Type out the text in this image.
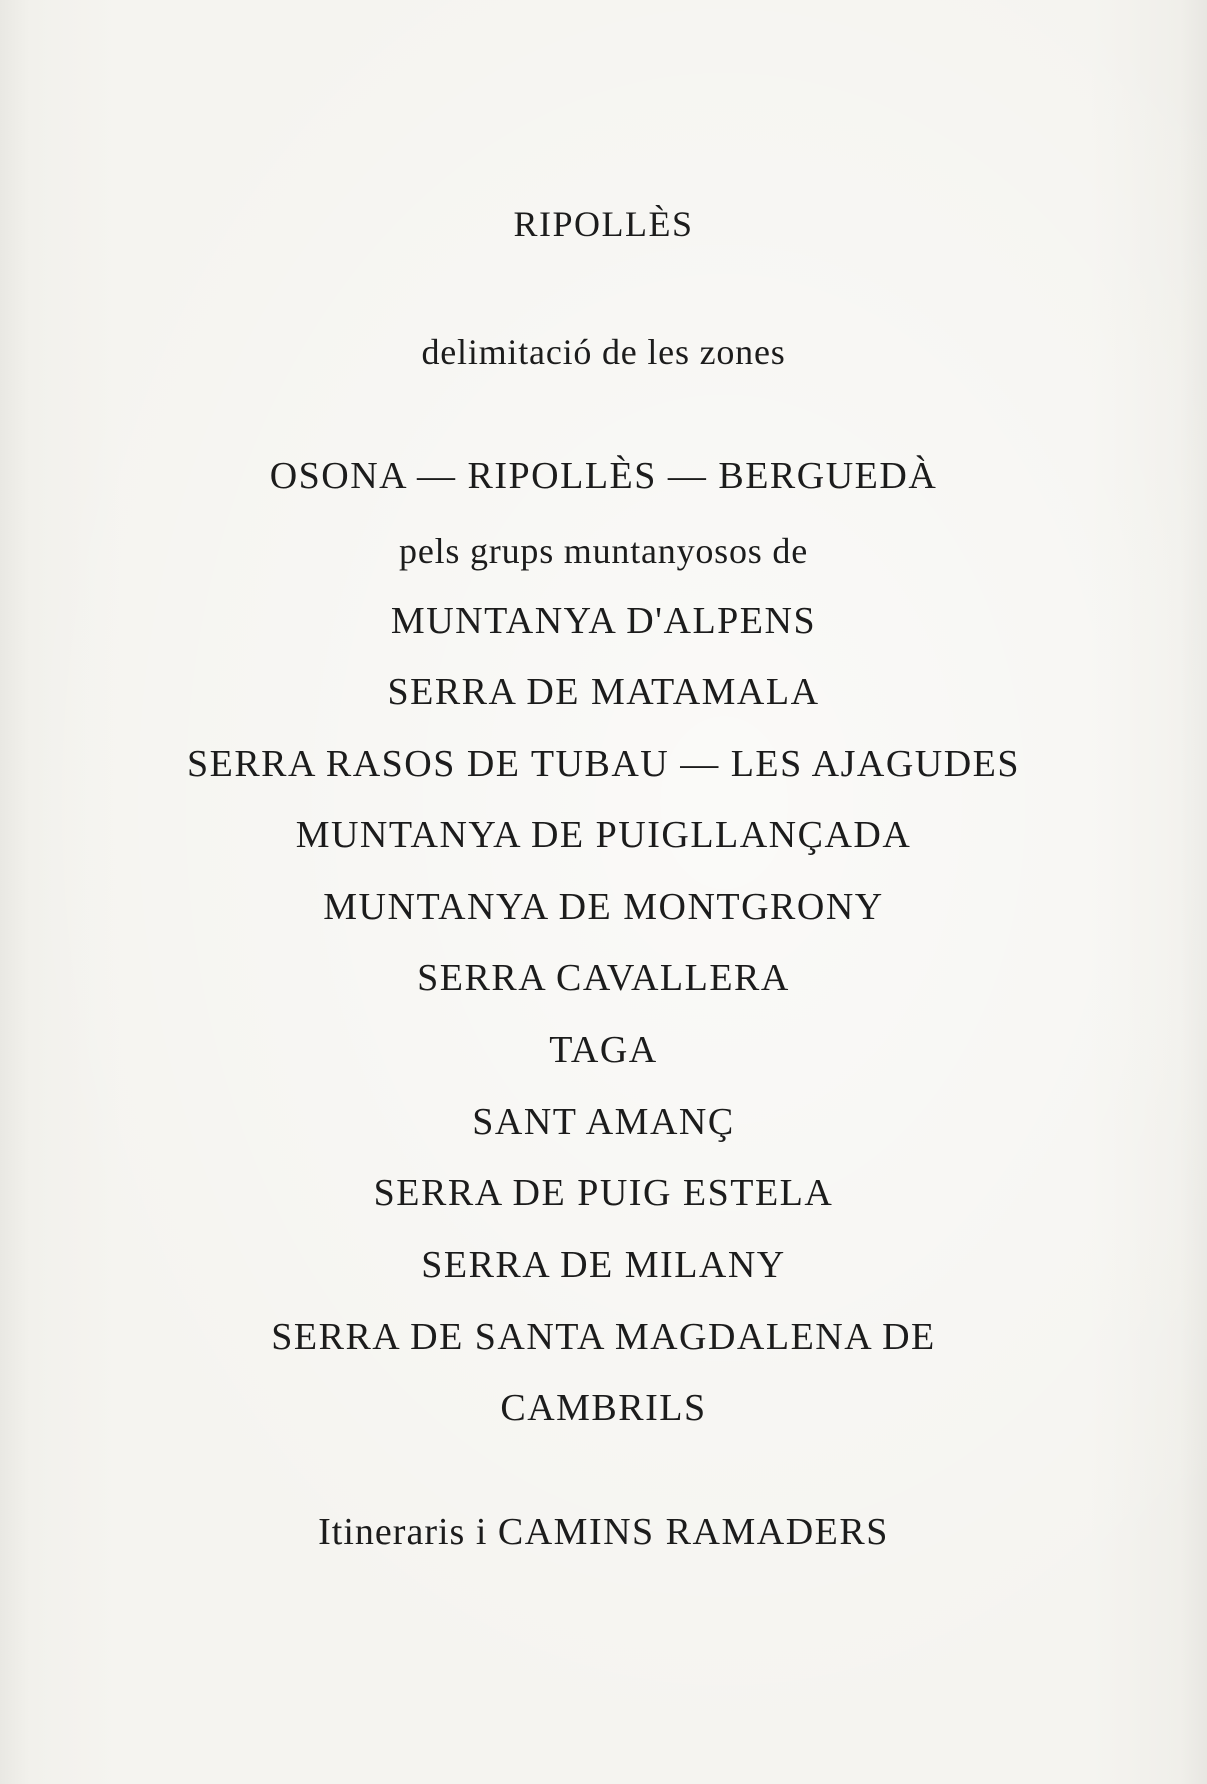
RIPOLLÈS
delimitació de les zones
OSONA — RIPOLLÈS — BERGUEDÀ
pels grups muntanyosos de
MUNTANYA D'ALPENS
SERRA DE MATAMALA
SERRA RASOS DE TUBAU — LES AJAGUDES
MUNTANYA DE PUIGLLANÇADA
MUNTANYA DE MONTGRONY
SERRA CAVALLERA
TAGA
SANT AMANÇ
SERRA DE PUIG ESTELA
SERRA DE MILANY
SERRA DE SANTA MAGDALENA DE
CAMBRILS
Itineraris i CAMINS RAMADERS
